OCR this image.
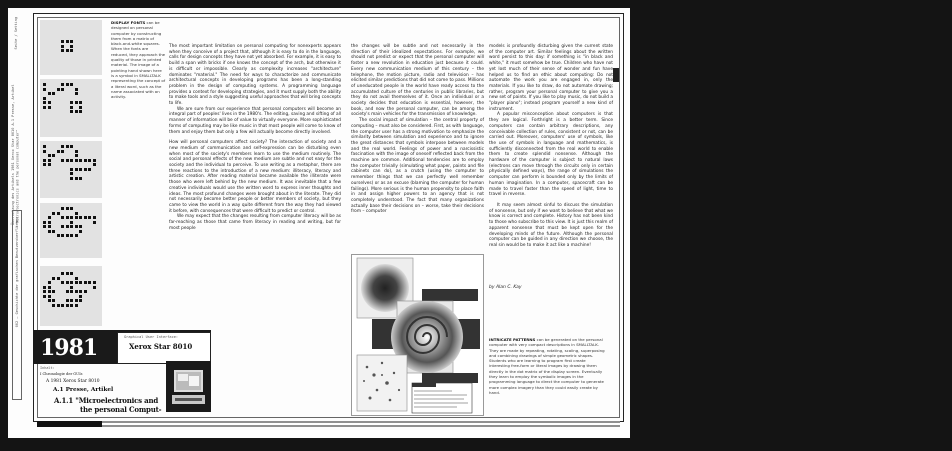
Seite / Setting
Übersetzung des Artikels 1981 Xerox Star 8010 A.1 Presse, Artikel "Microelectronics and the personal computer"
002 – Geschichte der grafischen Benutzeroberflächen
DISPLAY FONTS can be designed on personal computer by constructing them from a matrix of black-and-white squares. When the fonts are reduced, they approach the quality of those in printed material. The image of a pointing hand shown here is a symbol in SMALLTALK representing the concept of a literal word, such as the name associated with an activity.
1981	Graphical User Interface:
Xerox Star 8010
Inhalt:
I Chronologie der GUIs
A 1981 Xerox Star 8010
A.1 Presse, Artikel
A.1.1 "Microelectronics and
the personal Comput-

The most important limitation on personal computing for nonexperts appears when they conceive of a project that, although it is easy to do in the language, calls for design concepts they have not yet absorbed. For example, it is easy to build a span with bricks if one knows the concept of the arch, but otherwise it is difficult or impossible. Clearly as complexity increases "architecture" dominates "material." The need for ways to characterize and communicate architectural concepts in developing programs has been a long-standing problem in the design of computing systems. A programming language provides a context for developing strategies, and it must supply both the ability to make tools and a style suggesting useful approaches that will bring concepts to life.

We are sure from our experience that personal computers will become an integral part of peoples' lives in the 1980's. The editing, saving and sifting of all manner of information will be of value to virtually everyone. More sophisticated forms of computing may be like music in that most people will come to know of them and enjoy them but only a few will actually become directly involved.

How will personal computers affect society? The interaction of society and a new medium of communication and self-expression can be disturbing even when most of the society's members learn to use the medium routinely. The social and personal effects of the new medium are subtle and not easy for the society and the individual to perceive. To use writing as a metaphor, there are three reactions to the introduction of a new medium: illiteracy, literacy and artistic creation. After reading material became available the illiterate were those who were left behind by the new medium. It was inevitable that a few creative individuals would use the written word to express inner thoughts and ideas. The most profound changes were brought about in the literate. They did not necessarily become better people or better members of society, but they came to view the world in a way quite different from the way they had viewed it before, with consequences that were difficult to predict or control.

We may expect that the changes resulting from computer literacy will be as far-reaching as those that came from literacy in reading and writing, but for most people

the changes will be subtle and not necessarily in the direction of their idealized expectations. For example, we should not predict or expect that the personal computer will foster a new revolution in education just because it could. Every new communication medium of this century – the telephone, the motion picture, radio and television – has elicited similar predictions that did not come to pass. Millions of uneducated people in the world have ready access to the accumulated culture of the centuries in public libraries, but they do not avail themselves of it. Once an individual or a society decides that education is essential, however, the book, and now the personal computer, can be among the society's main vehicles for the transmission of knowledge.

The social impact of simulation – the central property of computing – must also be considered. First, as with language, the computer user has a strong motivation to emphasize the similarity between simulation and experience and to ignore the great distances that symbols interpose between models and the real world. Feelings of power and a narcissistic fascination with the image of oneself reflected back from the machine are common. Additional tendencies are to employ the computer trivially (simulating what paper, paints and file cabinets can do), as a crutch (using the computer to remember things that we can perfectly well remember ourselves) or as an excuse (blaming the computer for human failings). More serious is the human propensity to place faith in and assign higher powers to an agency that is not completely understood. The fact that many organizations actually base their decisions on – worse, take their decisions from – computer

models is profoundly disturbing given the current state of the computer art. Similar feelings about the written word persist to this day: if something is "in black and white," it must somehow be true. Children who have not yet lost much of their sense of wonder and fun have helped us to find an ethic about computing: Do not automate the work you are engaged in, only the materials. If you like to draw, do not automate drawing; rather, program your personal computer to give you a new set of paints. If you like to play music, do not build a "player piano"; instead program yourself a new kind of instrument.

A popular misconception about computers is that they are logical. Forthright is a better term. Since computers can contain arbitrary descriptions, any conceivable collection of rules, consistent or not, can be carried out. Moreover, computers' use of symbols, like the use of symbols in language and mathematics, is sufficiently disconnected from the real world to enable them to create splendid nonsense. Although the hardware of the computer is subject to natural laws (electrons can move through the circuits only in certain physically defined ways), the range of simulations the computer can perform is bounded only by the limits of human imagination. In a computer, spacecraft can be made to travel faster than the speed of light, time to travel in reverse.

It may seem almost sinful to discuss the simulation of nonsense, but only if we want to believe that what we know is correct and complete. History has not been kind to those who subscribe to this view. It is just this realm of apparent nonsense that must be kept open for the developing minds of the future. Although the personal computer can be guided in any direction we choose, the real sin would be to make it act like a machine!

by Alan C. Kay
INTRICATE PATTERNS can be generated on the personal computer with very compact descriptions in SMALLTALK. They are made by repeating, rotating, scaling, superposing and combining drawings of simple geometric shapes. Students who are learning to program first create interesting free-form or literal images by drawing them directly in the dot matrix of the display screen. Eventually they learn to employ the symbolic images in the programming language to direct the computer to generate more complex imagery than they could easily create by hand.
